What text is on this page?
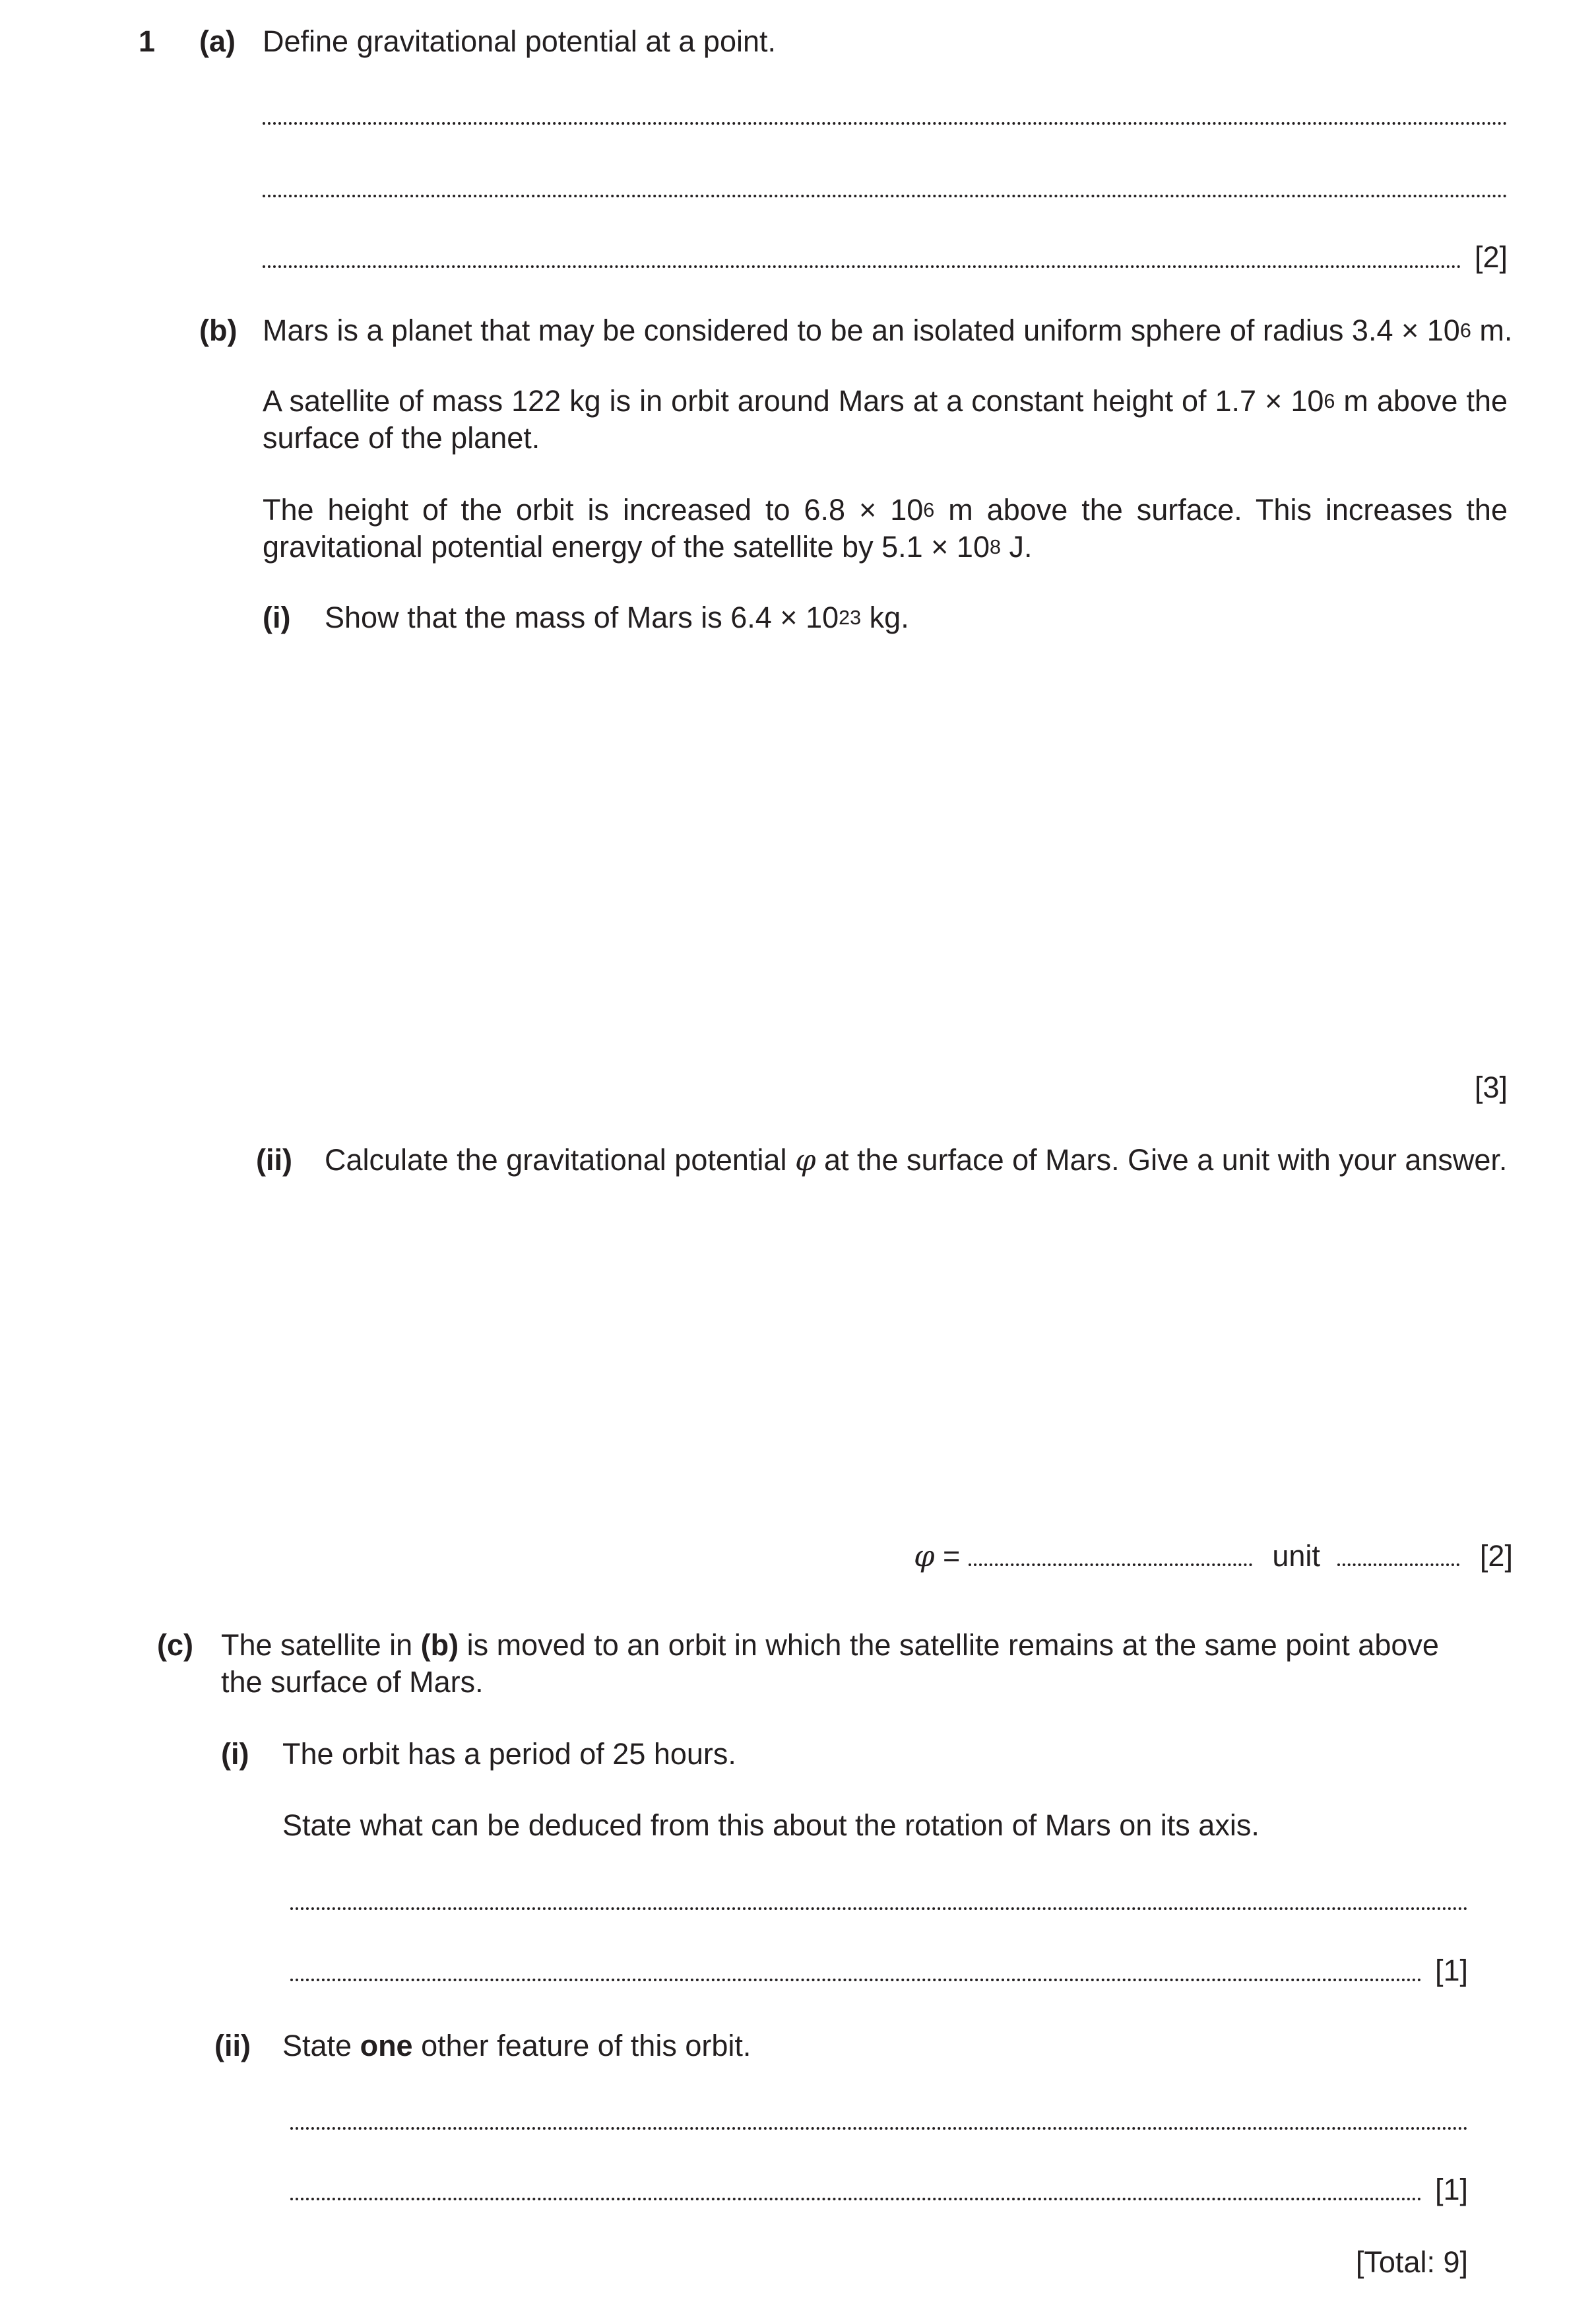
1 (a) Define gravitational potential at a point.
[2]
(b) Mars is a planet that may be considered to be an isolated uniform sphere of radius $3.4 \times 10^6$ m.
A satellite of mass 122 kg is in orbit around Mars at a constant height of $1.7 \times 10^6$ m above the surface of the planet.
The height of the orbit is increased to $6.8 \times 10^6$ m above the surface. This increases the gravitational potential energy of the satellite by $5.1 \times 10^8$ J.
(i) Show that the mass of Mars is $6.4 \times 10^{23}$ kg.
[3]
(ii) Calculate the gravitational potential φ at the surface of Mars. Give a unit with your answer.
φ =	unit	[2]
(c) The satellite in (b) is moved to an orbit in which the satellite remains at the same point above the surface of Mars.
(i) The orbit has a period of 25 hours.
State what can be deduced from this about the rotation of Mars on its axis.
[1]
(ii) State one other feature of this orbit.
[1]
[Total: 9]
